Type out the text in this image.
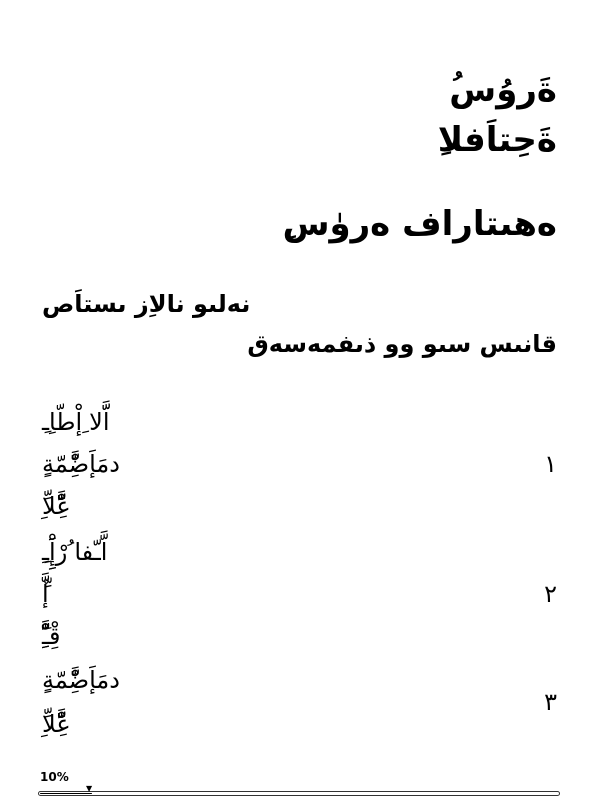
ُةَروُس
ِةَحِتاَفلا
ِەھىتاراف ەرۈس
نەلىو نالاِز ىستاَص
قانىس سىو وو ذىفمەسەق
ِاَّّلا ِإْطّاِـ
ِدمَإَضَِّْمّةِ	١
ِّعََِّّْلاِ
ِاَّـّفا ُرْإَِِْـِ
ِّإَّ	٢
َقِْـََِِّْْ
ِدمَإَضَِّْمّةِ
٣
ِّعََِّّْلاِ
10%
▼
